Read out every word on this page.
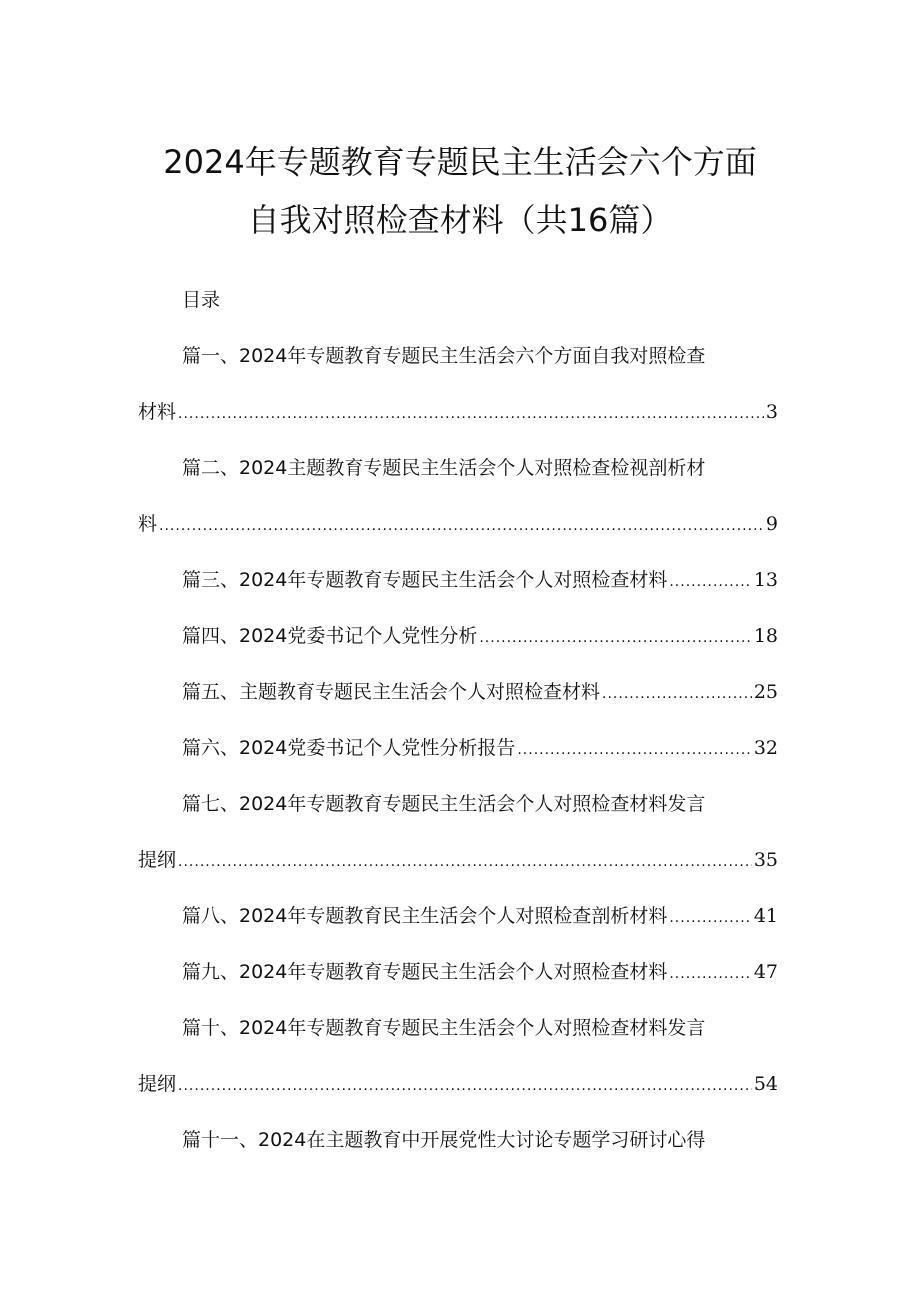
2024年专题教育专题民主生活会六个方面
自我对照检查材料（共16篇）
目录
篇一、2024年专题教育专题民主生活会六个方面自我对照检查
材料 .....	3
篇二、2024主题教育专题民主生活会个人对照检查检视剖析材
料 .....	9
篇三、2024年专题教育专题民主生活会个人对照检查材料 .....	13
篇四、2024党委书记个人党性分析 .....	18
篇五、主题教育专题民主生活会个人对照检查材料 .....	25
篇六、2024党委书记个人党性分析报告 .....	32
篇七、2024年专题教育专题民主生活会个人对照检查材料发言
提纲 .....	35
篇八、2024年专题教育民主生活会个人对照检查剖析材料 .....	41
篇九、2024年专题教育专题民主生活会个人对照检查材料 .....	47
篇十、2024年专题教育专题民主生活会个人对照检查材料发言
提纲 .....	54
篇十一、2024在主题教育中开展党性大讨论专题学习研讨心得
